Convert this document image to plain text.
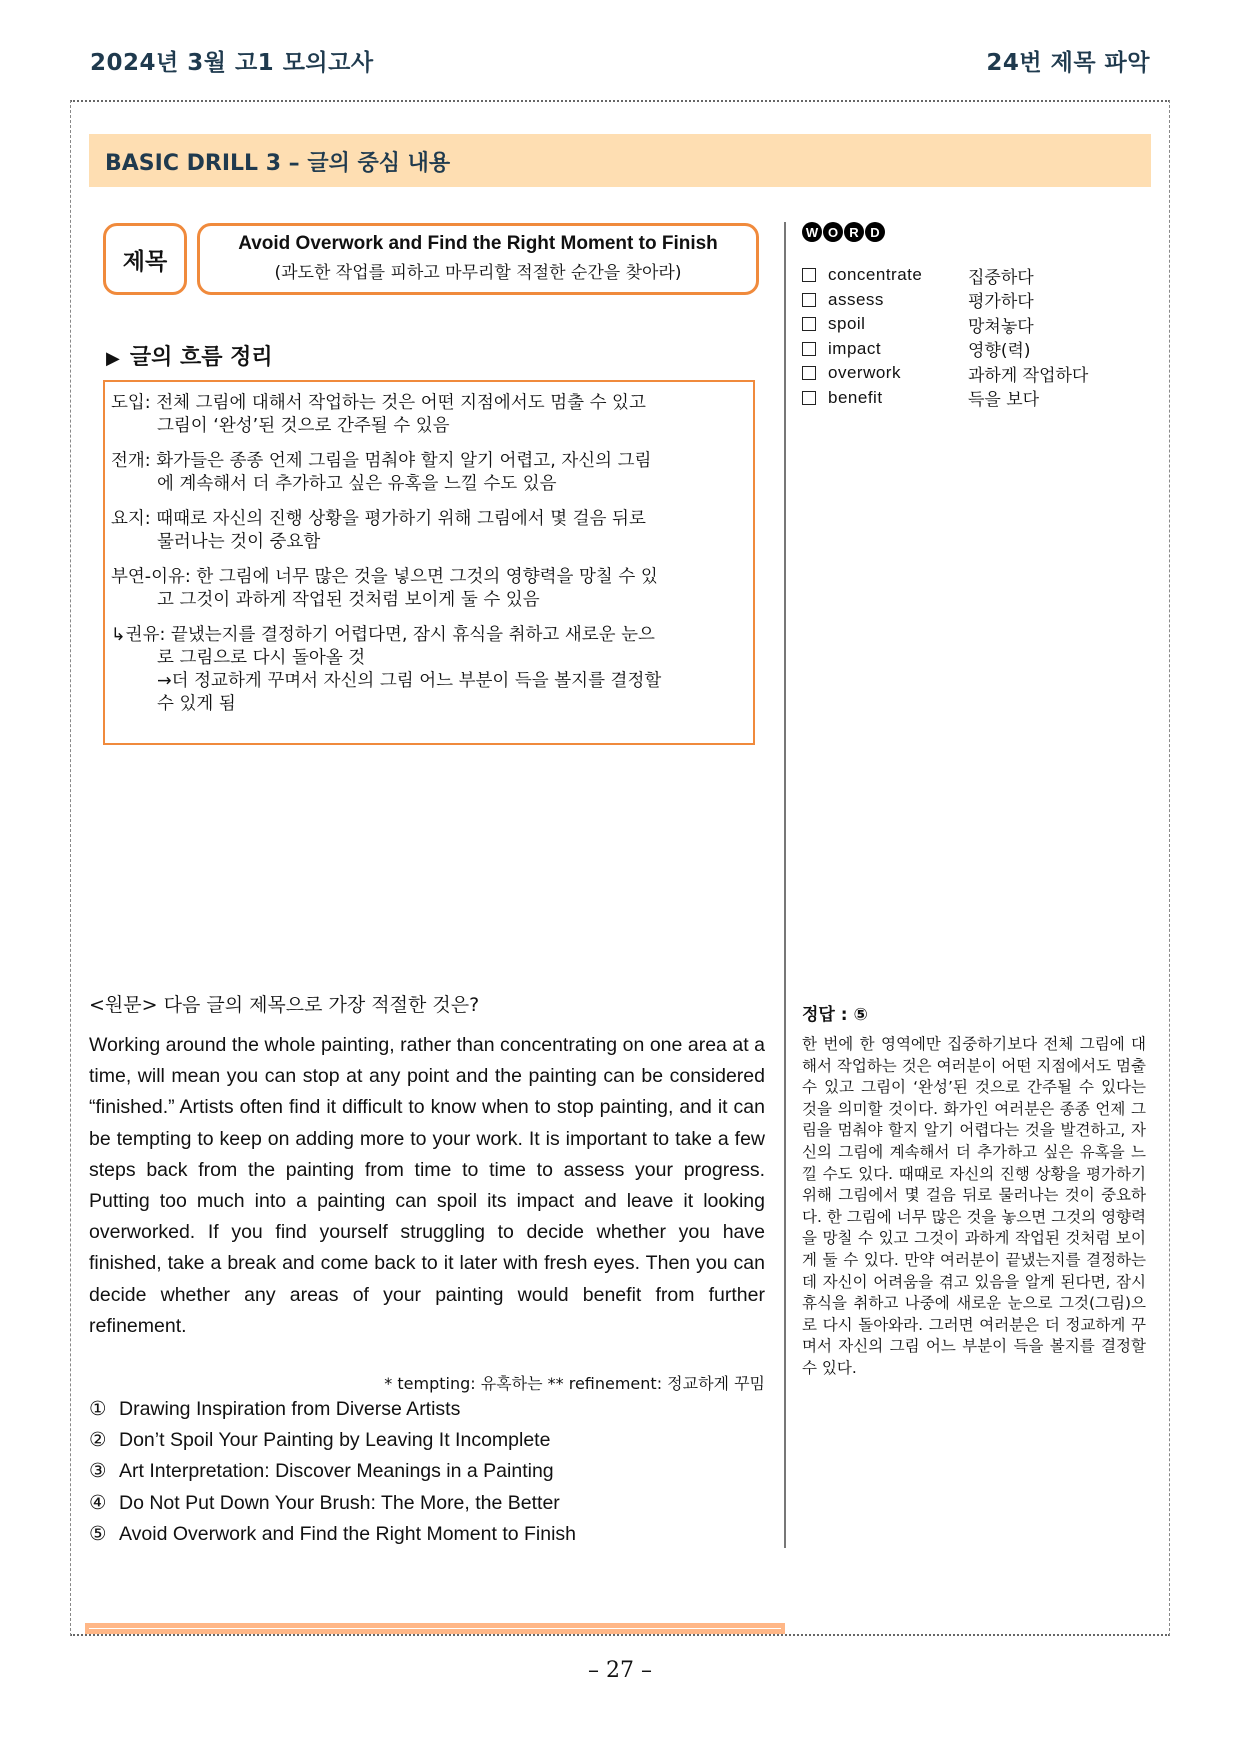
2024년 3월 고1 모의고사	24번 제목 파악
BASIC DRILL 3 – 글의 중심 내용
제목
Avoid Overwork and Find the Right Moment to Finish
(과도한 작업를 피하고 마무리할 적절한 순간을 찾아라)
▶ 글의 흐름 정리
도입: 전체 그림에 대해서 작업하는 것은 어떤 지점에서도 멈출 수 있고
그림이 ‘완성’된 것으로 간주될 수 있음
전개: 화가들은 종종 언제 그림을 멈춰야 할지 알기 어렵고, 자신의 그림
에 계속해서 더 추가하고 싶은 유혹을 느낄 수도 있음
요지: 때때로 자신의 진행 상황을 평가하기 위해 그림에서 몇 걸음 뒤로
물러나는 것이 중요함
부연-이유: 한 그림에 너무 많은 것을 넣으면 그것의 영향력을 망칠 수 있
고 그것이 과하게 작업된 것처럼 보이게 둘 수 있음
↳권유: 끝냈는지를 결정하기 어렵다면, 잠시 휴식을 취하고 새로운 눈으
로 그림으로 다시 돌아올 것
→더 정교하게 꾸며서 자신의 그림 어느 부분이 득을 볼지를 결정할
수 있게 됨
W O R D
concentrate	집중하다
assess	평가하다
spoil	망쳐놓다
impact	영향(력)
overwork	과하게 작업하다
benefit	득을 보다
<원문> 다음 글의 제목으로 가장 적절한 것은?
Working around the whole painting, rather than concentrating on one area at a time, will mean you can stop at any point and the painting can be considered “finished.” Artists often find it difficult to know when to stop painting, and it can be tempting to keep on adding more to your work. It is important to take a few steps back from the painting from time to time to assess your progress. Putting too much into a painting can spoil its impact and leave it looking overworked. If you find yourself struggling to decide whether you have finished, take a break and come back to it later with fresh eyes. Then you can decide whether any areas of your painting would benefit from further refinement.
* tempting: 유혹하는 ** refinement: 정교하게 꾸밈
① Drawing Inspiration from Diverse Artists
② Don’t Spoil Your Painting by Leaving It Incomplete
③ Art Interpretation: Discover Meanings in a Painting
④ Do Not Put Down Your Brush: The More, the Better
⑤ Avoid Overwork and Find the Right Moment to Finish
정답 : ⑤
한 번에 한 영역에만 집중하기보다 전체 그림에 대해서 작업하는 것은 여러분이 어떤 지점에서도 멈출 수 있고 그림이 ‘완성’된 것으로 간주될 수 있다는 것을 의미할 것이다. 화가인 여러분은 종종 언제 그림을 멈춰야 할지 알기 어렵다는 것을 발견하고, 자신의 그림에 계속해서 더 추가하고 싶은 유혹을 느낄 수도 있다. 때때로 자신의 진행 상황을 평가하기 위해 그림에서 몇 걸음 뒤로 물러나는 것이 중요하다. 한 그림에 너무 많은 것을 놓으면 그것의 영향력을 망칠 수 있고 그것이 과하게 작업된 것처럼 보이게 둘 수 있다. 만약 여러분이 끝냈는지를 결정하는 데 자신이 어려움을 겪고 있음을 알게 된다면, 잠시 휴식을 취하고 나중에 새로운 눈으로 그것(그림)으로 다시 돌아와라. 그러면 여러분은 더 정교하게 꾸며서 자신의 그림 어느 부분이 득을 볼지를 결정할 수 있다.
– 27 –
